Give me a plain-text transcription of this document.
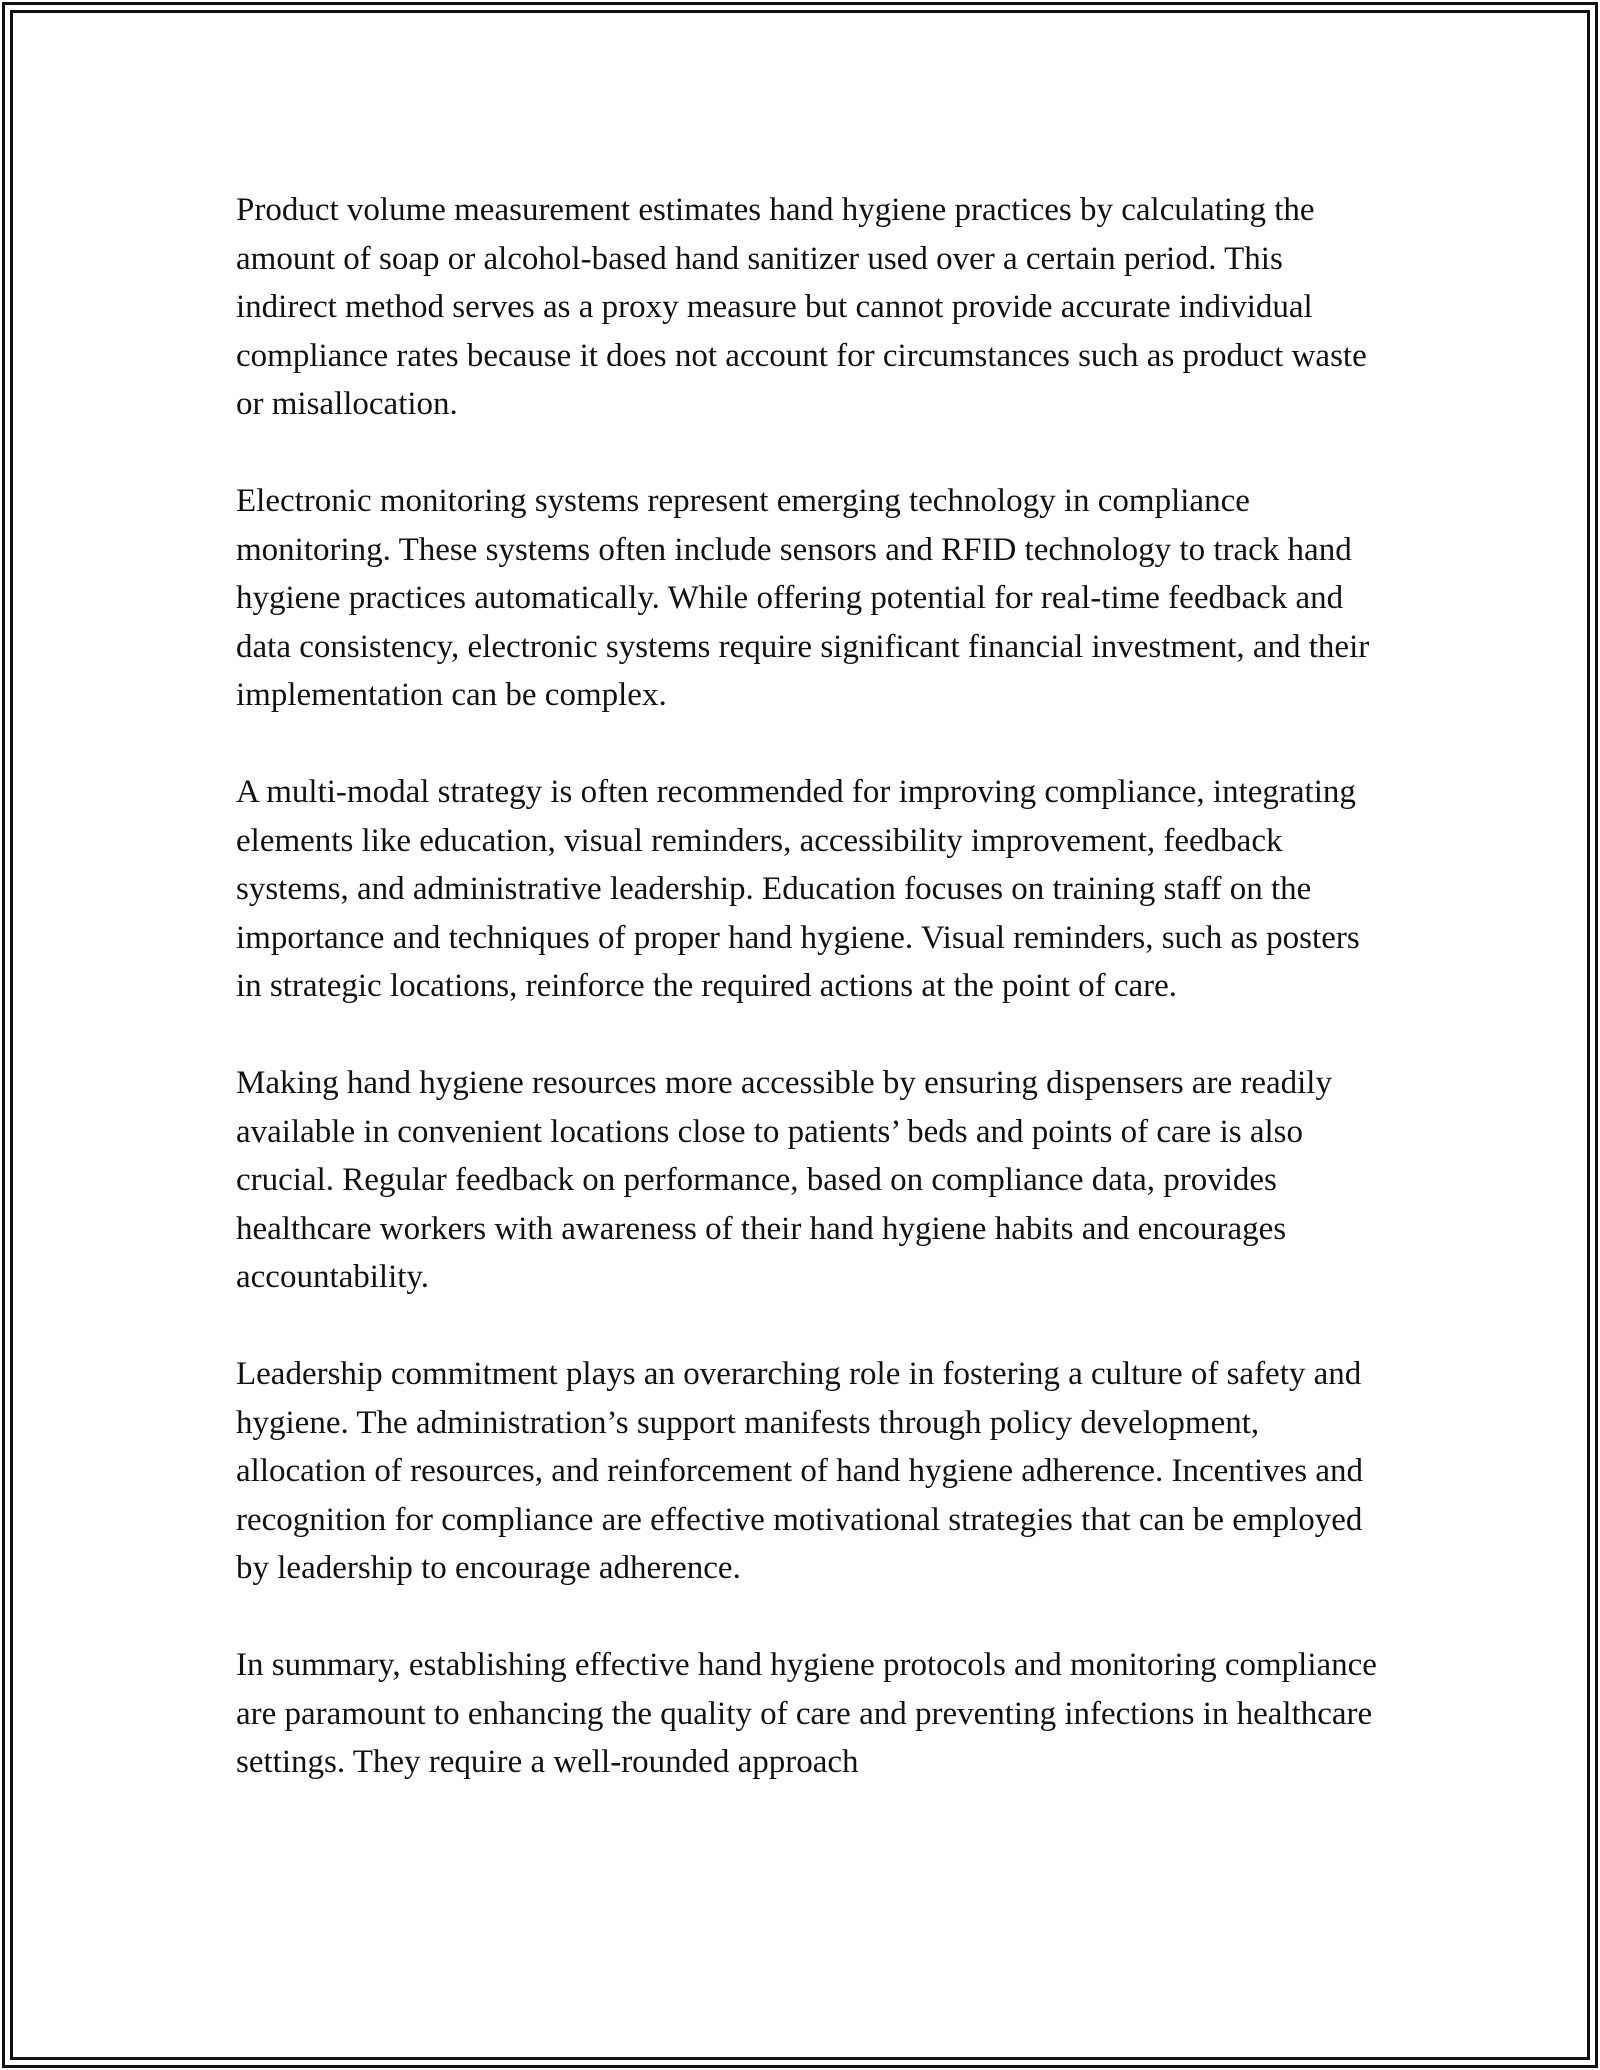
Product volume measurement estimates hand hygiene practices by calculating the amount of soap or alcohol-based hand sanitizer used over a certain period. This indirect method serves as a proxy measure but cannot provide accurate individual compliance rates because it does not account for circumstances such as product waste or misallocation.

Electronic monitoring systems represent emerging technology in compliance monitoring. These systems often include sensors and RFID technology to track hand hygiene practices automatically. While offering potential for real-time feedback and data consistency, electronic systems require significant financial investment, and their implementation can be complex.

A multi-modal strategy is often recommended for improving compliance, integrating elements like education, visual reminders, accessibility improvement, feedback systems, and administrative leadership. Education focuses on training staff on the importance and techniques of proper hand hygiene. Visual reminders, such as posters in strategic locations, reinforce the required actions at the point of care.

Making hand hygiene resources more accessible by ensuring dispensers are readily available in convenient locations close to patients’ beds and points of care is also crucial. Regular feedback on performance, based on compliance data, provides healthcare workers with awareness of their hand hygiene habits and encourages accountability.

Leadership commitment plays an overarching role in fostering a culture of safety and hygiene. The administration’s support manifests through policy development, allocation of resources, and reinforcement of hand hygiene adherence. Incentives and recognition for compliance are effective motivational strategies that can be employed by leadership to encourage adherence.

In summary, establishing effective hand hygiene protocols and monitoring compliance are paramount to enhancing the quality of care and preventing infections in healthcare settings. They require a well-rounded approach
